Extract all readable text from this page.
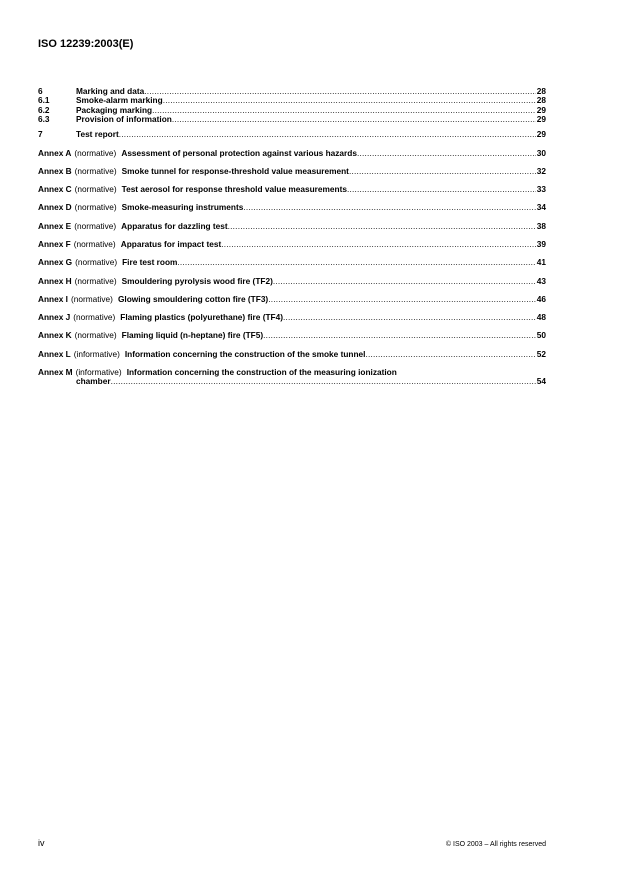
ISO 12239:2003(E)
6	Marking and data .....	28
6.1	Smoke-alarm marking .....	28
6.2	Packaging marking .....	29
6.3	Provision of information .....	29
7	Test report .....	29
Annex A (normative) Assessment of personal protection against various hazards .....	30
Annex B (normative) Smoke tunnel for response-threshold value measurement .....	32
Annex C (normative) Test aerosol for response threshold value measurements .....	33
Annex D (normative) Smoke-measuring instruments .....	34
Annex E (normative) Apparatus for dazzling test .....	38
Annex F (normative) Apparatus for impact test .....	39
Annex G (normative) Fire test room .....	41
Annex H (normative) Smouldering pyrolysis wood fire (TF2) .....	43
Annex I (normative) Glowing smouldering cotton fire (TF3) .....	46
Annex J (normative) Flaming plastics (polyurethane) fire (TF4) .....	48
Annex K (normative) Flaming liquid (n-heptane) fire (TF5) .....	50
Annex L (informative) Information concerning the construction of the smoke tunnel .....	52
Annex M (informative) Information concerning the construction of the measuring ionization
chamber .....	54
iv	© ISO 2003 – All rights reserved
